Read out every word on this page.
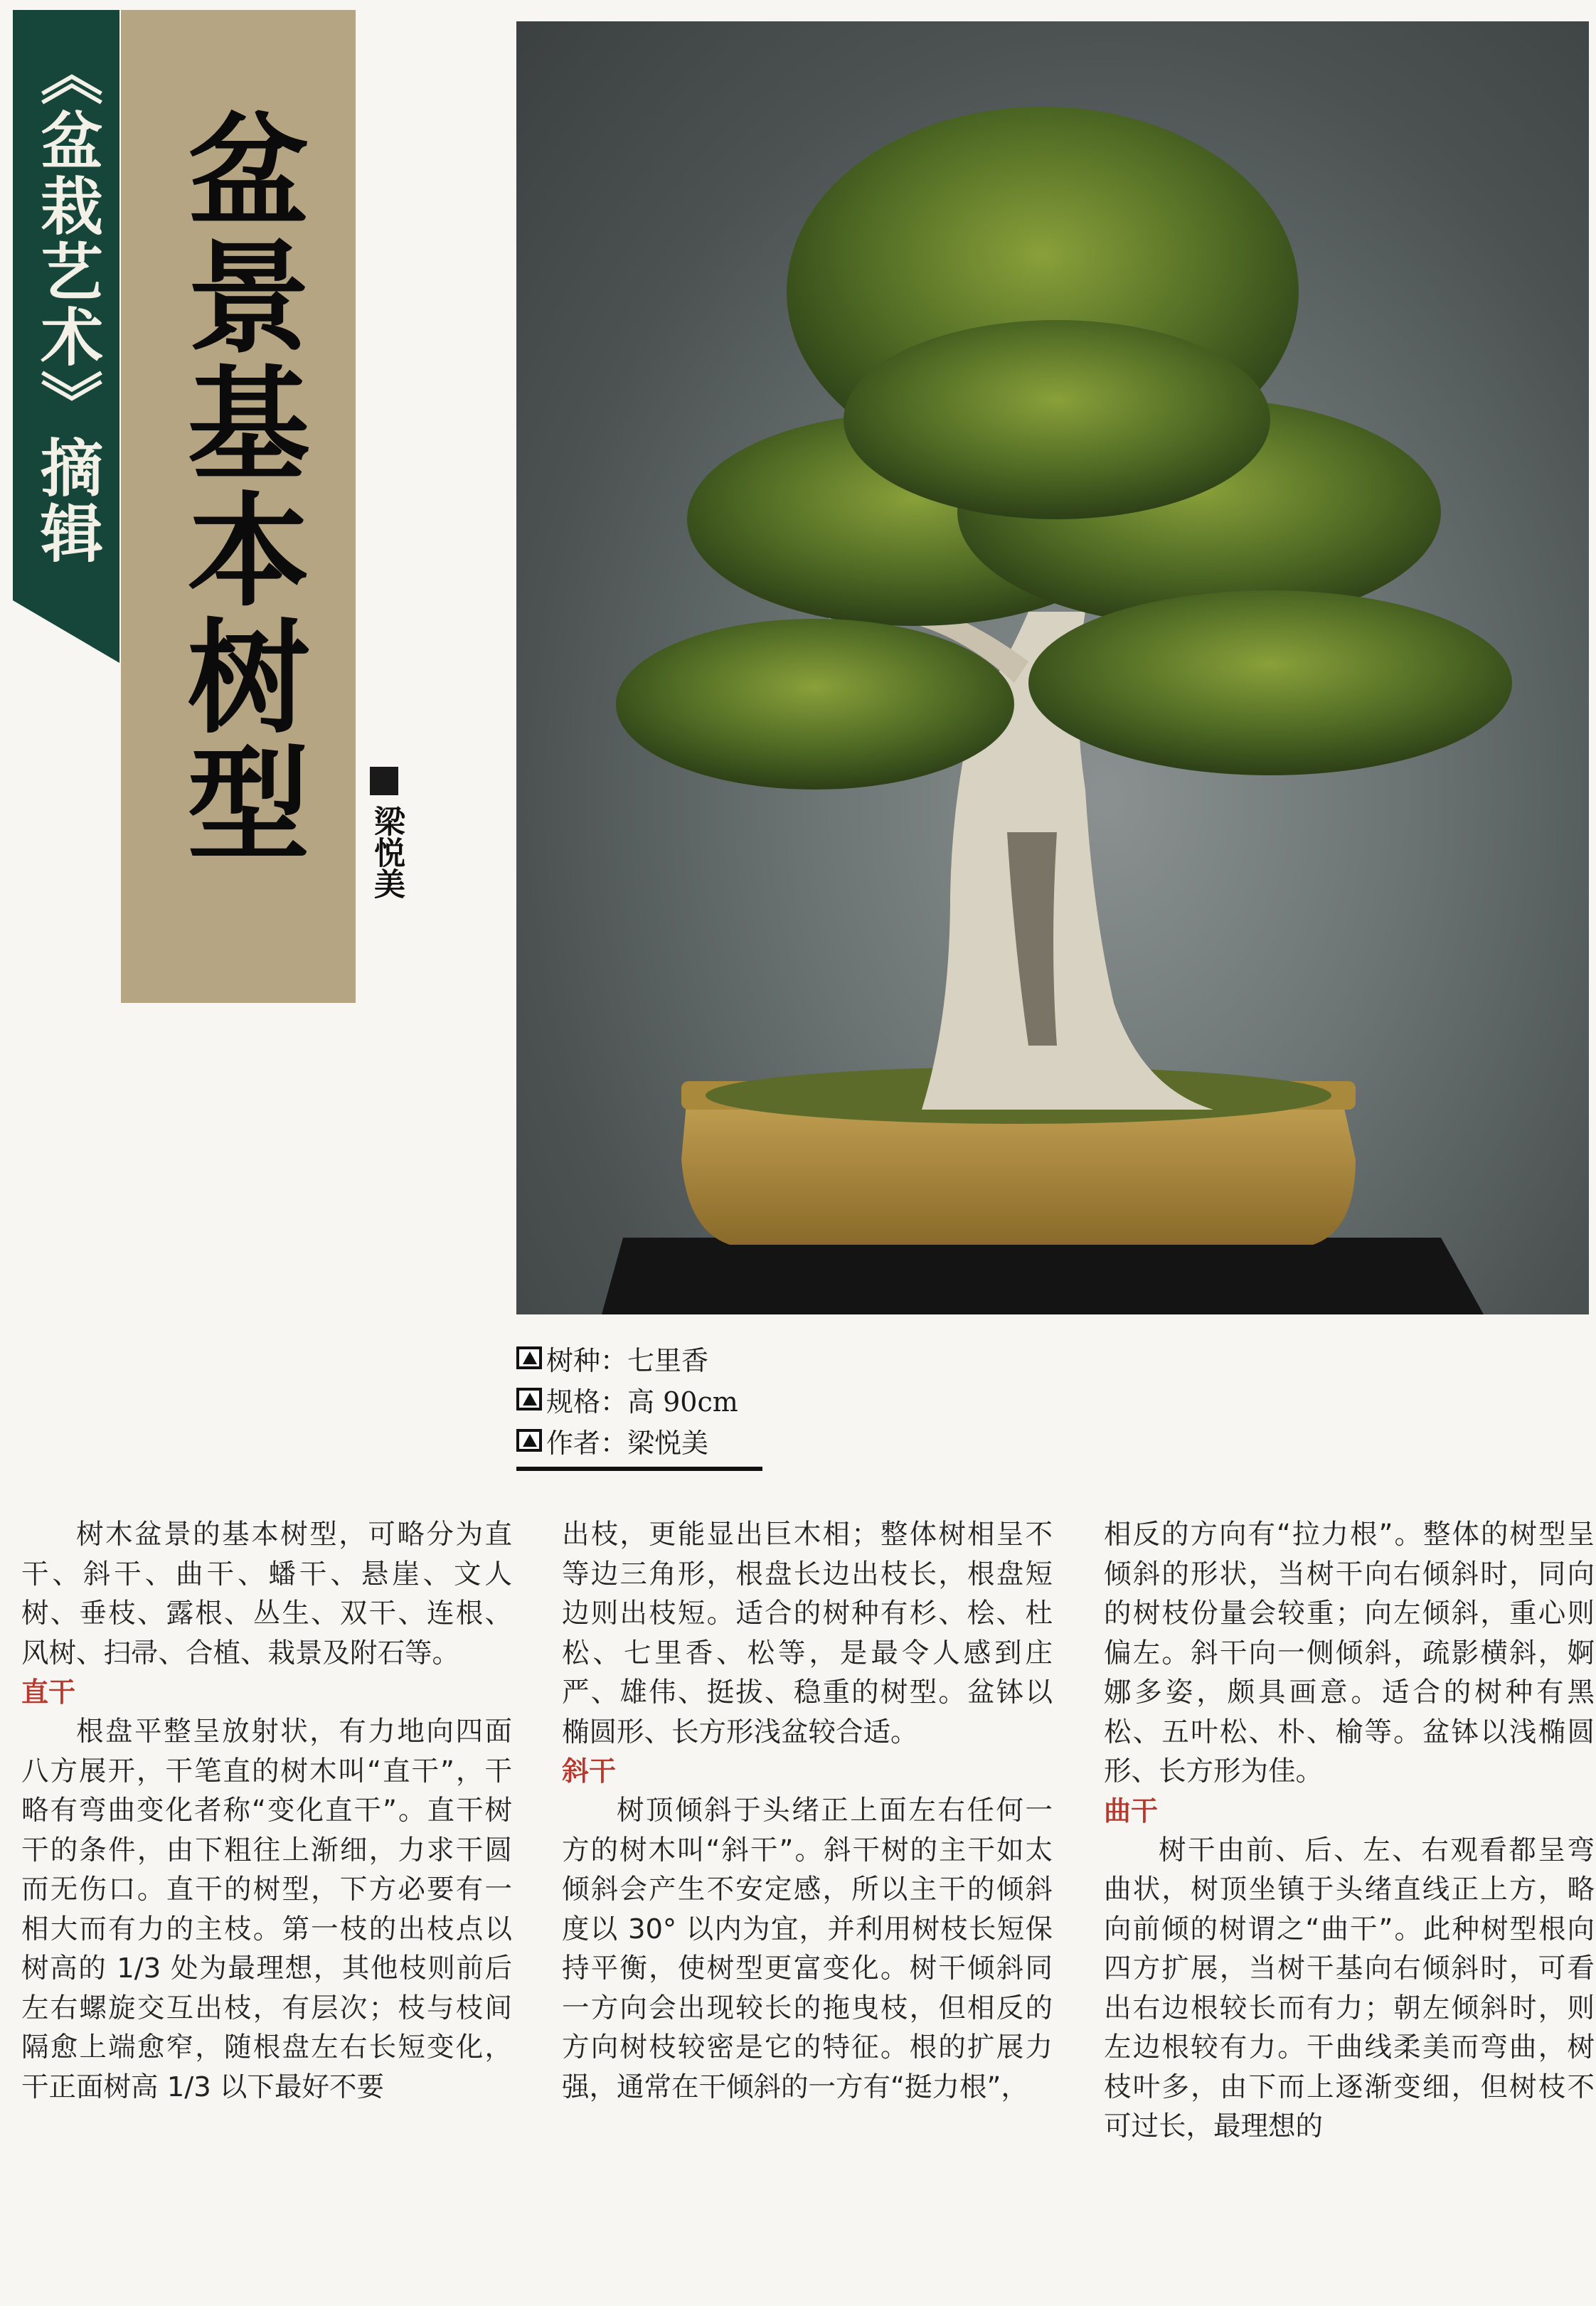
《盆栽艺术》摘辑 盆景基本树型	梁悦美
树种： 七里香
规格： 高 90cm
作者： 梁悦美

树木盆景的基本树型，可略分为直干、斜干、曲干、蟠干、悬崖、文人树、垂枝、露根、丛生、双干、连根、风树、扫帚、合植、栽景及附石等。

直干

根盘平整呈放射状，有力地向四面八方展开，干笔直的树木叫“直干”，干略有弯曲变化者称“变化直干”。直干树干的条件，由下粗往上渐细，力求干圆而无伤口。直干的树型，下方必要有一相大而有力的主枝。第一枝的出枝点以树高的 1/3 处为最理想，其他枝则前后左右螺旋交互出枝，有层次；枝与枝间隔愈上端愈窄，随根盘左右长短变化，干正面树高 1/3 以下最好不要

出枝，更能显出巨木相；整体树相呈不等边三角形，根盘长边出枝长，根盘短边则出枝短。适合的树种有杉、桧、杜松、七里香、松等，是最令人感到庄严、雄伟、挺拔、稳重的树型。盆钵以椭圆形、长方形浅盆较合适。

斜干

树顶倾斜于头绪正上面左右任何一方的树木叫“斜干”。斜干树的主干如太倾斜会产生不安定感，所以主干的倾斜度以 30° 以内为宜，并利用树枝长短保持平衡，使树型更富变化。树干倾斜同一方向会出现较长的拖曳枝，但相反的方向树枝较密是它的特征。根的扩展力强，通常在干倾斜的一方有“挺力根”，

相反的方向有“拉力根”。整体的树型呈倾斜的形状，当树干向右倾斜时，同向的树枝份量会较重；向左倾斜，重心则偏左。斜干向一侧倾斜，疏影横斜，婀娜多姿，颇具画意。适合的树种有黑松、五叶松、朴、榆等。盆钵以浅椭圆形、长方形为佳。

曲干

树干由前、后、左、右观看都呈弯曲状，树顶坐镇于头绪直线正上方，略向前倾的树谓之“曲干”。此种树型根向四方扩展，当树干基向右倾斜时，可看出右边根较长而有力；朝左倾斜时，则左边根较有力。干曲线柔美而弯曲，树枝叶多，由下而上逐渐变细，但树枝不可过长，最理想的
